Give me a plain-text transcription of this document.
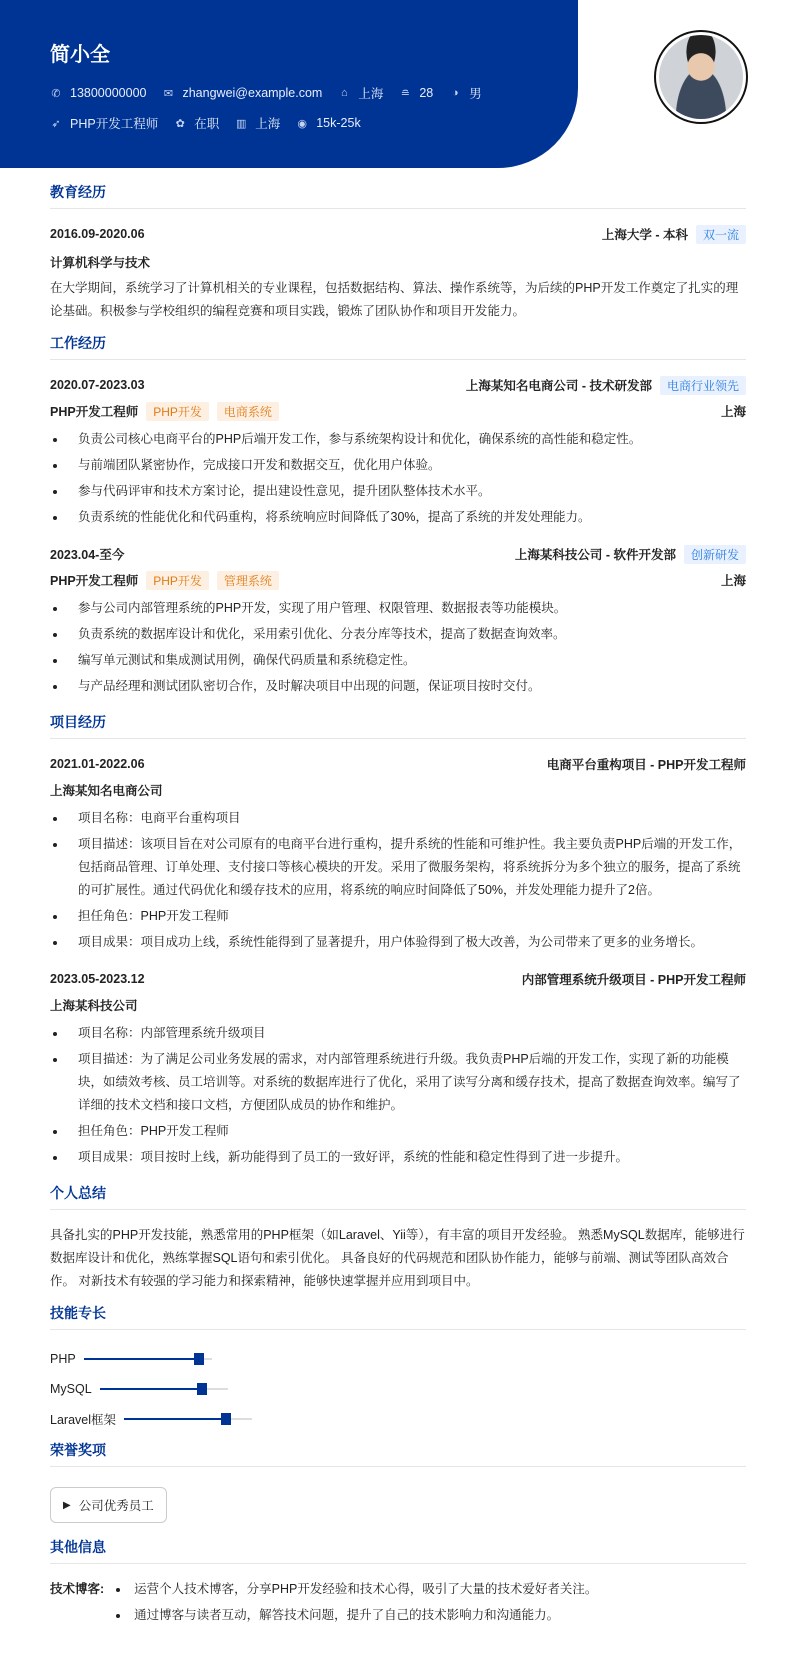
简小全
✆ 13800000000 ✉ zhangwei@example.com ⌂ 上海 ≘ 28 ◑ 男
➶ PHP开发工程师 ✿ 在职 ▥ 上海 ◉ 15k-25k
教育经历
2016.09-2020.06	上海大学 - 本科 双一流
计算机科学与技术

在大学期间，系统学习了计算机相关的专业课程，包括数据结构、算法、操作系统等，为后续的PHP开发工作奠定了扎实的理论基础。积极参与学校组织的编程竞赛和项目实践，锻炼了团队协作和项目开发能力。

工作经历
2020.07-2023.03	上海某知名电商公司 - 技术研发部 电商行业领先
PHP开发工程师 PHP开发 电商系统	上海
负责公司核心电商平台的PHP后端开发工作，参与系统架构设计和优化，确保系统的高性能和稳定性。
与前端团队紧密协作，完成接口开发和数据交互，优化用户体验。
参与代码评审和技术方案讨论，提出建设性意见，提升团队整体技术水平。
负责系统的性能优化和代码重构，将系统响应时间降低了30%，提高了系统的并发处理能力。
2023.04-至今	上海某科技公司 - 软件开发部 创新研发
PHP开发工程师 PHP开发 管理系统	上海
参与公司内部管理系统的PHP开发，实现了用户管理、权限管理、数据报表等功能模块。
负责系统的数据库设计和优化，采用索引优化、分表分库等技术，提高了数据查询效率。
编写单元测试和集成测试用例，确保代码质量和系统稳定性。
与产品经理和测试团队密切合作，及时解决项目中出现的问题，保证项目按时交付。
项目经历
2021.01-2022.06	电商平台重构项目 - PHP开发工程师
上海某知名电商公司
项目名称：电商平台重构项目
项目描述：该项目旨在对公司原有的电商平台进行重构，提升系统的性能和可维护性。我主要负责PHP后端的开发工作，包括商品管理、订单处理、支付接口等核心模块的开发。采用了微服务架构，将系统拆分为多个独立的服务，提高了系统的可扩展性。通过代码优化和缓存技术的应用，将系统的响应时间降低了50%，并发处理能力提升了2倍。
担任角色：PHP开发工程师
项目成果：项目成功上线，系统性能得到了显著提升，用户体验得到了极大改善，为公司带来了更多的业务增长。
2023.05-2023.12	内部管理系统升级项目 - PHP开发工程师
上海某科技公司
项目名称：内部管理系统升级项目
项目描述：为了满足公司业务发展的需求，对内部管理系统进行升级。我负责PHP后端的开发工作，实现了新的功能模块，如绩效考核、员工培训等。对系统的数据库进行了优化，采用了读写分离和缓存技术，提高了数据查询效率。编写了详细的技术文档和接口文档，方便团队成员的协作和维护。
担任角色：PHP开发工程师
项目成果：项目按时上线，新功能得到了员工的一致好评，系统的性能和稳定性得到了进一步提升。
个人总结

具备扎实的PHP开发技能，熟悉常用的PHP框架（如Laravel、Yii等），有丰富的项目开发经验。 熟悉MySQL数据库，能够进行数据库设计和优化，熟练掌握SQL语句和索引优化。 具备良好的代码规范和团队协作能力，能够与前端、测试等团队高效合作。 对新技术有较强的学习能力和探索精神，能够快速掌握并应用到项目中。

技能专长
PHP
MySQL
Laravel框架
荣誉奖项
▶ 公司优秀员工
其他信息
技术博客:	运营个人技术博客，分享PHP开发经验和技术心得，吸引了大量的技术爱好者关注。
通过博客与读者互动，解答技术问题，提升了自己的技术影响力和沟通能力。
